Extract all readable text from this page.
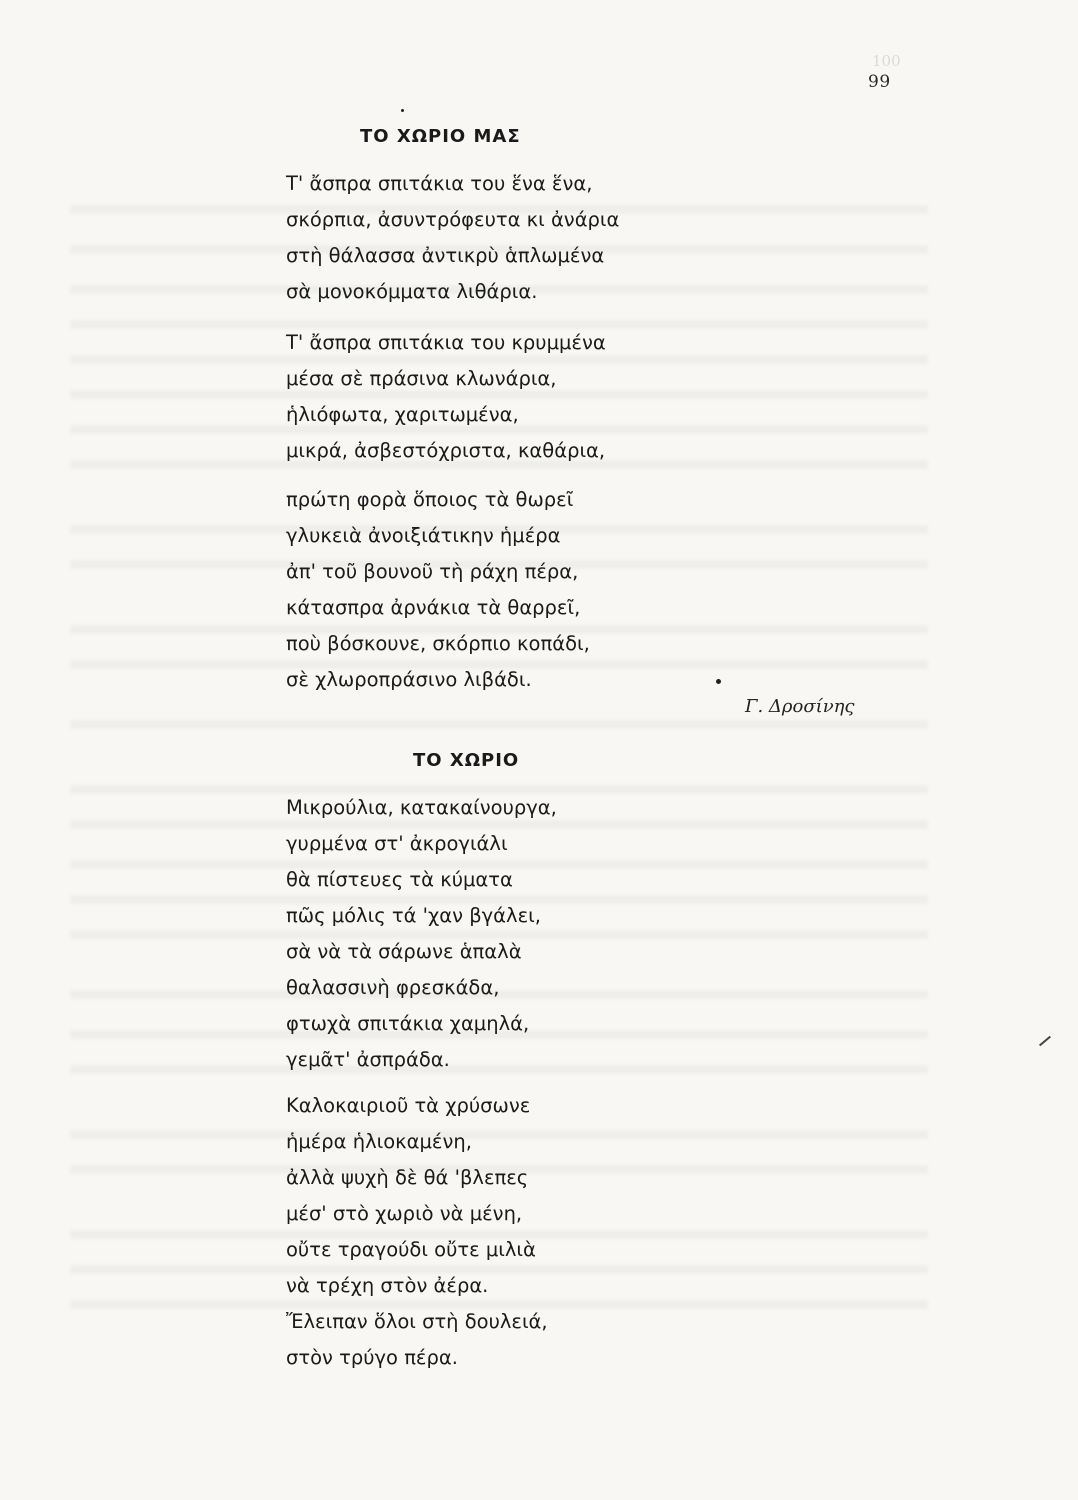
100
99
ΤΟ ΧΩΡΙΟ ΜΑΣ
Τ' ἄσπρα σπιτάκια του ἕνα ἕνα,
σκόρπια, ἀσυντρόφευτα κι ἀνάρια
στὴ θάλασσα ἀντικρὺ ἁπλωμένα
σὰ μονοκόμματα λιθάρια.
Τ' ἄσπρα σπιτάκια του κρυμμένα
μέσα σὲ πράσινα κλωνάρια,
ἡλιόφωτα, χαριτωμένα,
μικρά, ἀσβεστόχριστα, καθάρια,
πρώτη φορὰ ὅποιος τὰ θωρεῖ
γλυκειὰ ἀνοιξιάτικην ἡμέρα
ἀπ' τοῦ βουνοῦ τὴ ράχη πέρα,
κάτασπρα ἀρνάκια τὰ θαρρεῖ,
ποὺ βόσκουνε, σκόρπιο κοπάδι,
σὲ χλωροπράσινο λιβάδι.
Γ. Δροσίνης
ΤΟ ΧΩΡΙΟ
Μικρούλια, κατακαίνουργα,
γυρμένα στ' ἀκρογιάλι
θὰ πίστευες τὰ κύματα
πῶς μόλις τά 'χαν βγάλει,
σὰ νὰ τὰ σάρωνε ἁπαλὰ
θαλασσινὴ φρεσκάδα,
φτωχὰ σπιτάκια χαμηλά,
γεμᾶτ' ἀσπράδα.
Καλοκαιριοῦ τὰ χρύσωνε
ἡμέρα ἡλιοκαμένη,
ἀλλὰ ψυχὴ δὲ θά 'βλεπες
μέσ' στὸ χωριὸ νὰ μένη,
οὔτε τραγούδι οὔτε μιλιὰ
νὰ τρέχη στὸν ἀέρα.
Ἔλειπαν ὅλοι στὴ δουλειά,
στὸν τρύγο πέρα.
